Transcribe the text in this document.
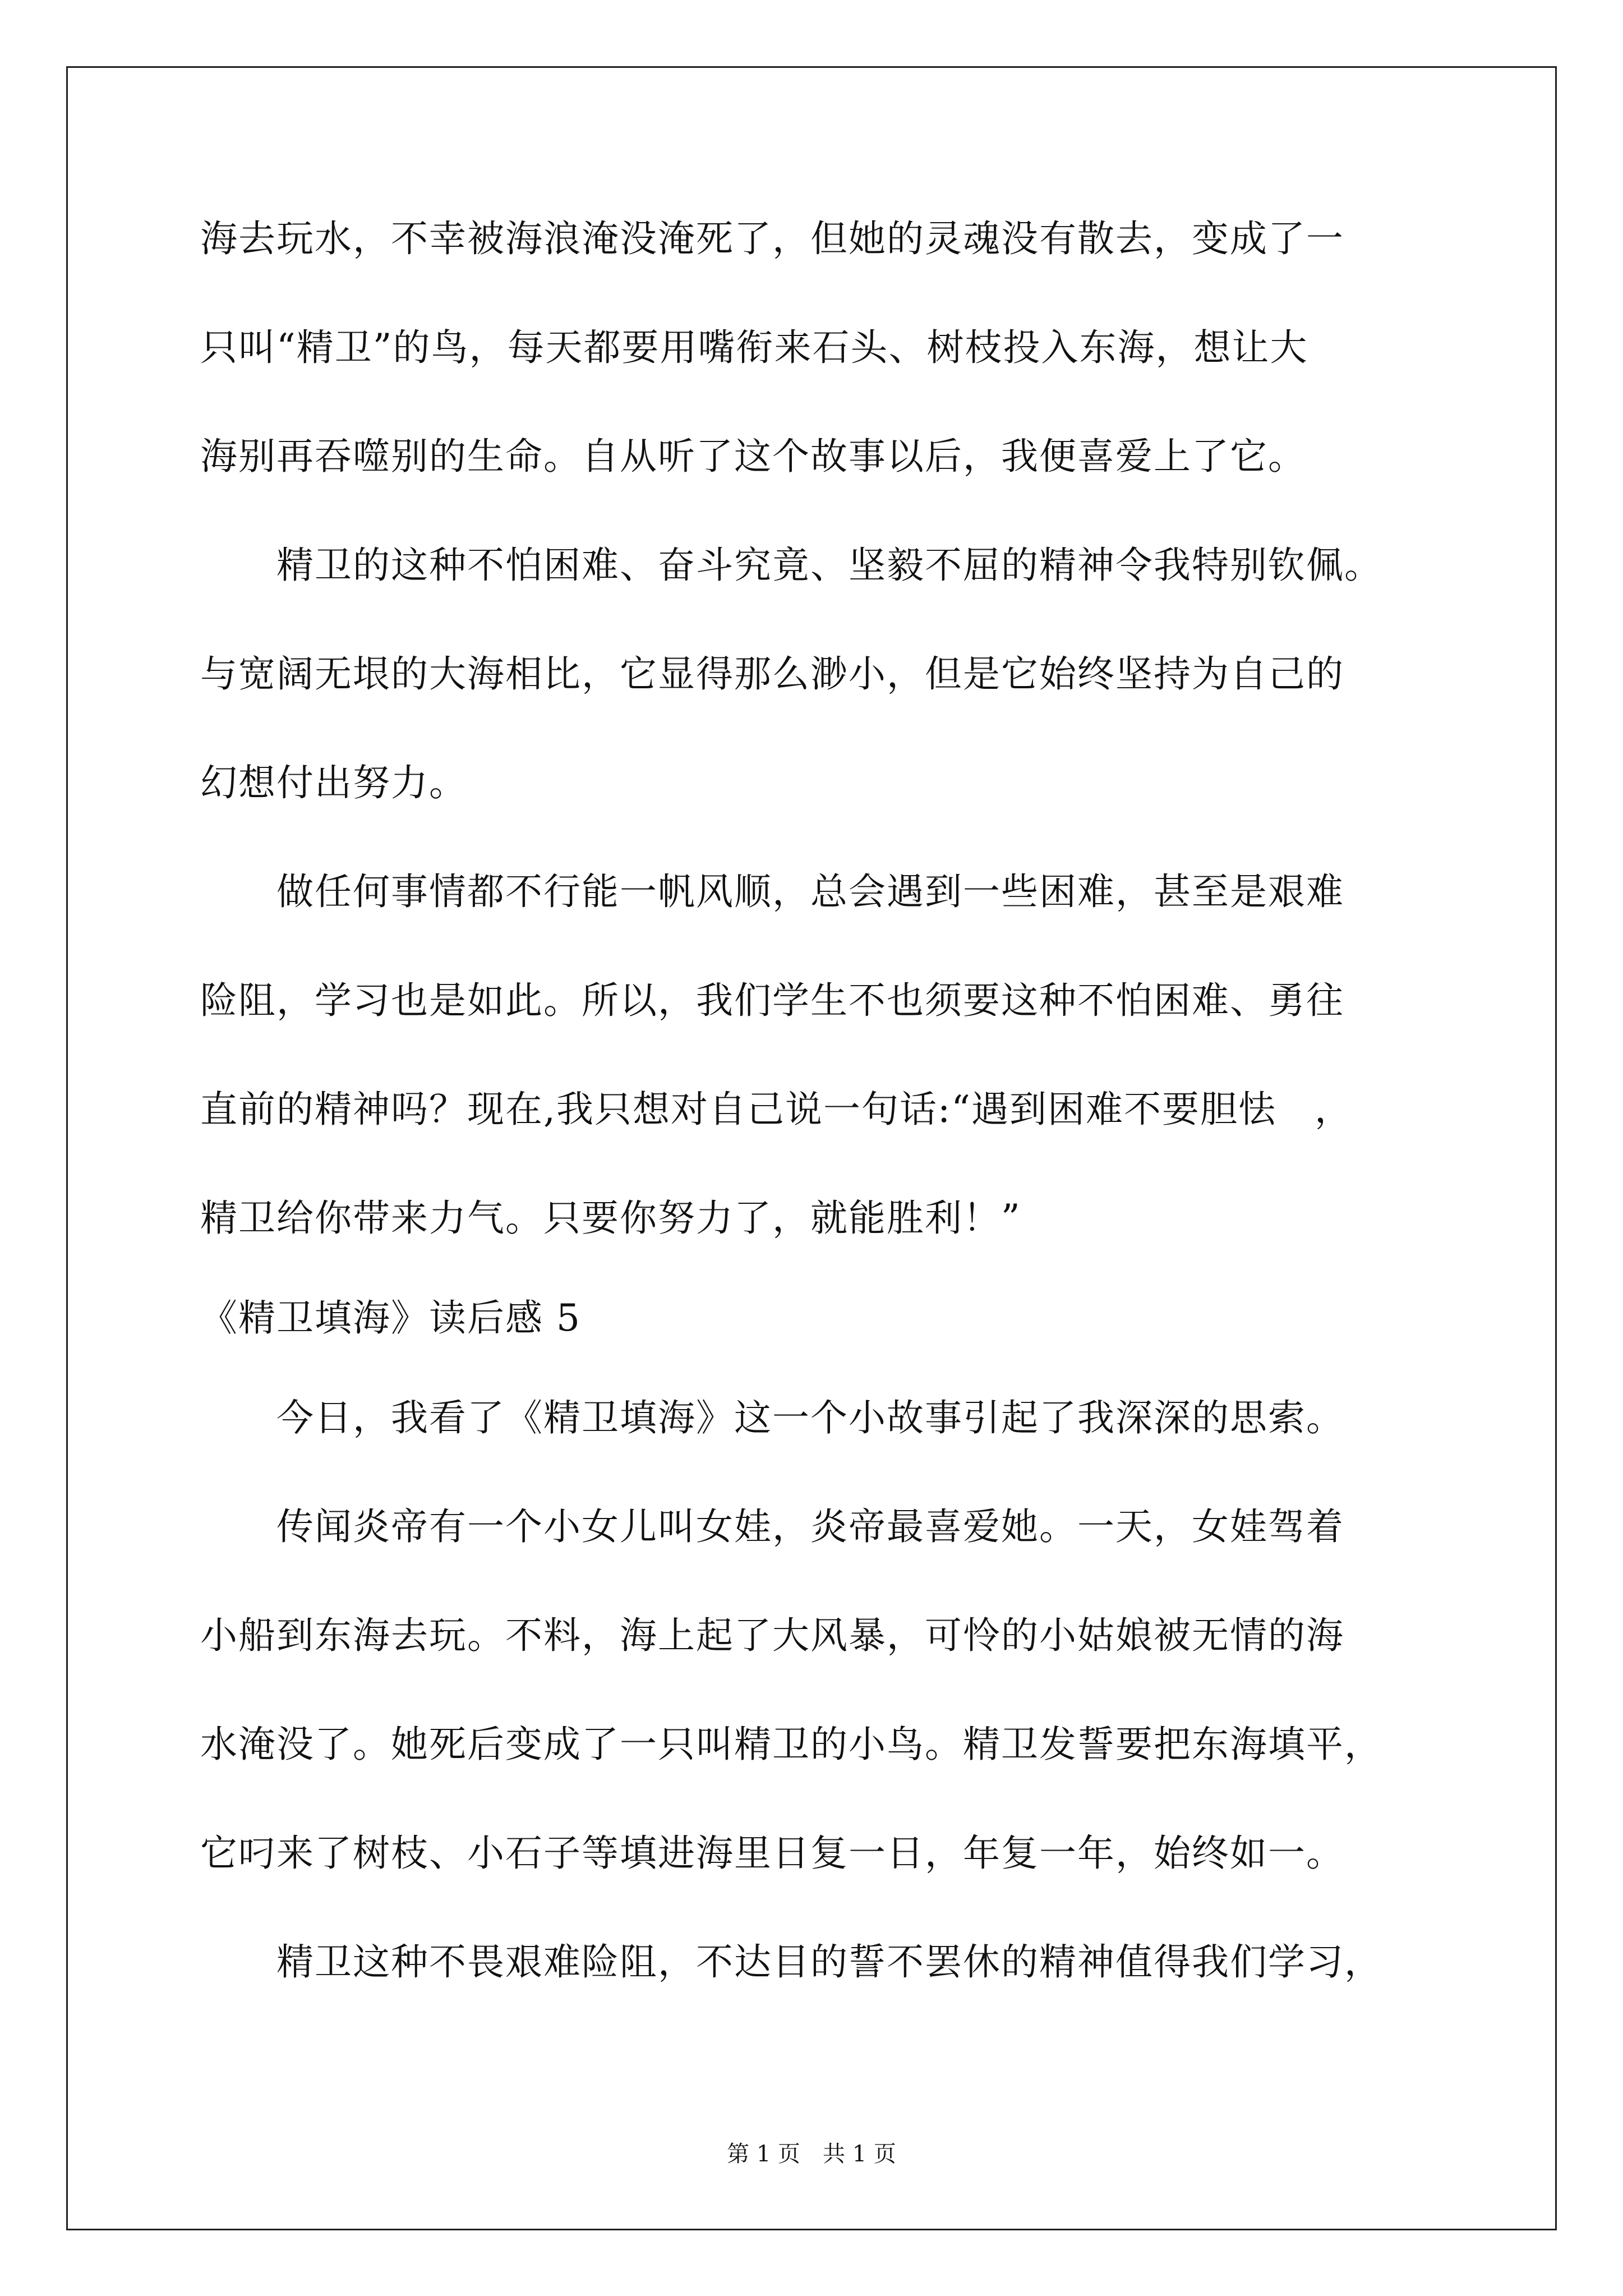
海去玩水，不幸被海浪淹没淹死了，但她的灵魂没有散去，变成了一
只叫“精卫”的鸟，每天都要用嘴衔来石头、树枝投入东海，想让大
海别再吞噬别的生命。自从听了这个故事以后，我便喜爱上了它。
　　精卫的这种不怕困难、奋斗究竟、坚毅不屈的精神令我特别钦佩。
与宽阔无垠的大海相比，它显得那么渺小，但是它始终坚持为自己的
幻想付出努力。
　　做任何事情都不行能一帆风顺，总会遇到一些困难，甚至是艰难
险阻，学习也是如此。所以，我们学生不也须要这种不怕困难、勇往
直前的精神吗？现在,我只想对自己说一句话:“遇到困难不要胆怯　，
精卫给你带来力气。只要你努力了，就能胜利！”
《精卫填海》读后感 5
　　今日，我看了《精卫填海》这一个小故事引起了我深深的思索。
　　传闻炎帝有一个小女儿叫女娃，炎帝最喜爱她。一天，女娃驾着
小船到东海去玩。不料，海上起了大风暴，可怜的小姑娘被无情的海
水淹没了。她死后变成了一只叫精卫的小鸟。精卫发誓要把东海填平，
它叼来了树枝、小石子等填进海里日复一日，年复一年，始终如一。
　　精卫这种不畏艰难险阻，不达目的誓不罢休的精神值得我们学习，
第 1 页　共 1 页
